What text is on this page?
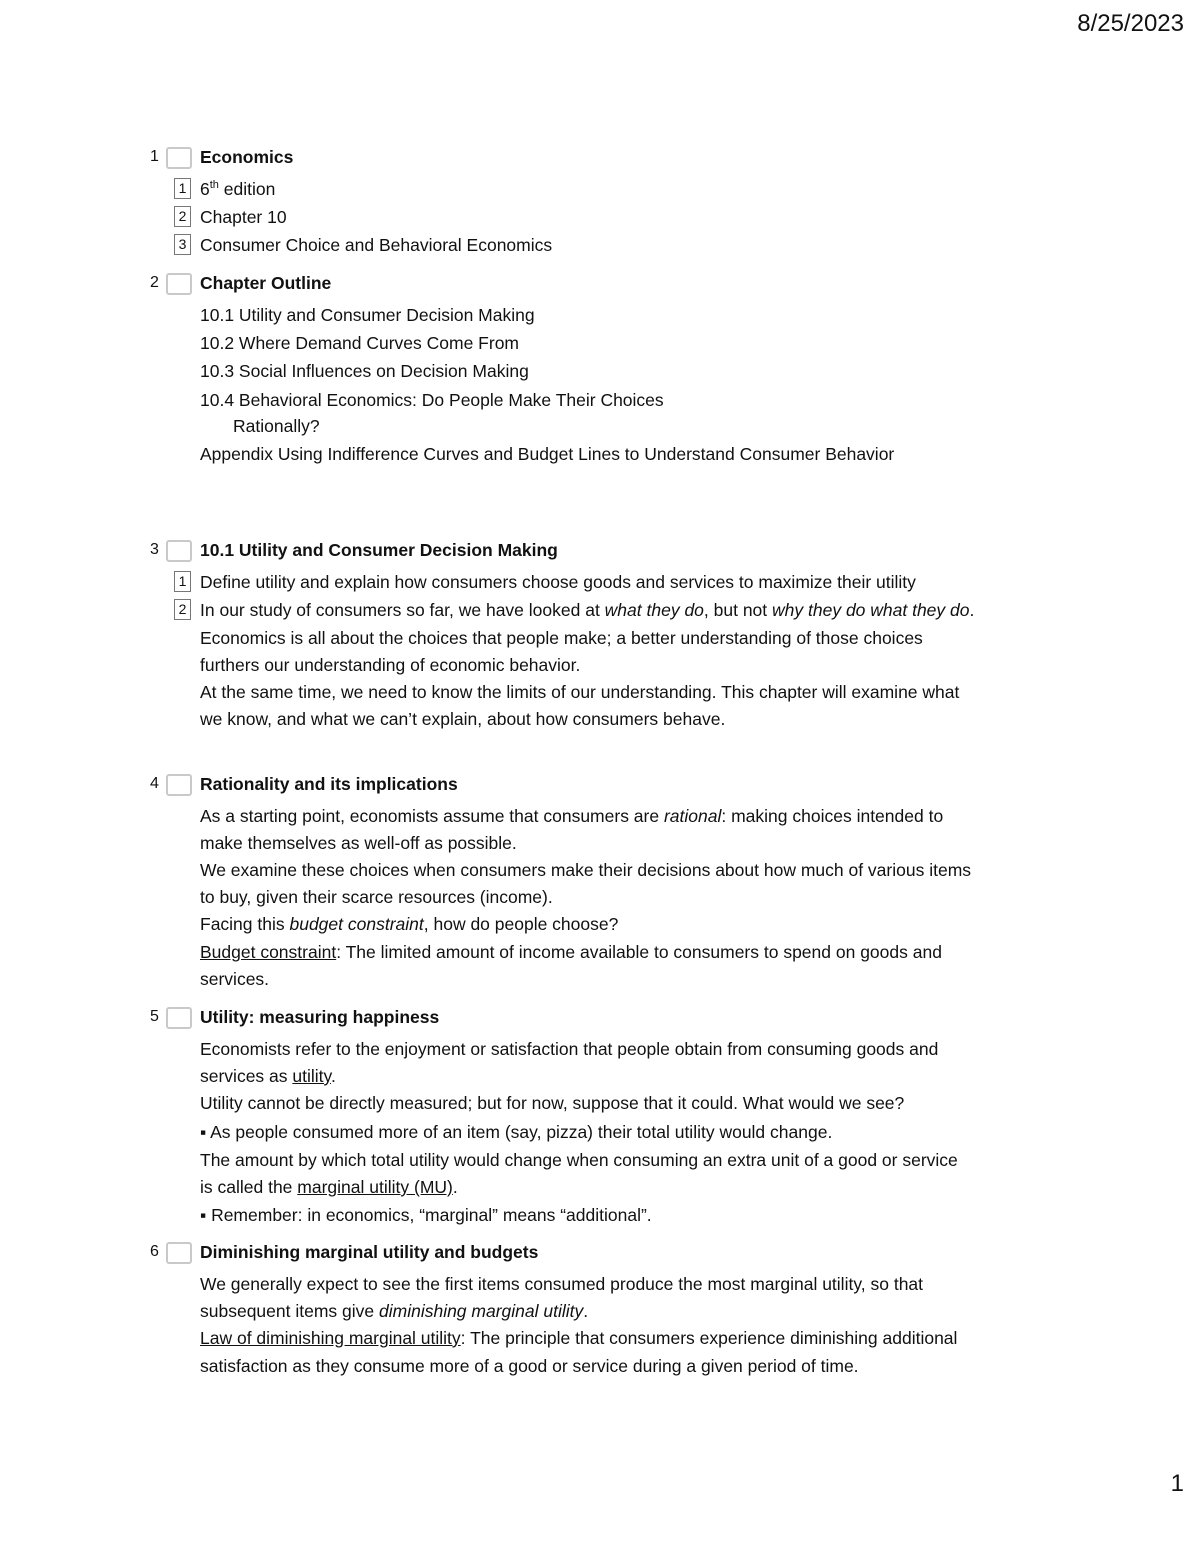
8/25/2023
1 Economics
1 6th edition
2 Chapter 10
3 Consumer Choice and Behavioral Economics
2 Chapter Outline
10.1 Utility and Consumer Decision Making
10.2 Where Demand Curves Come From
10.3 Social Influences on Decision Making
10.4 Behavioral Economics: Do People Make Their Choices
Rationally?
Appendix Using Indifference Curves and Budget Lines to Understand Consumer Behavior
3 10.1 Utility and Consumer Decision Making
1 Define utility and explain how consumers choose goods and services to maximize their utility
2 In our study of consumers so far, we have looked at what they do, but not why they do what they do.
Economics is all about the choices that people make; a better understanding of those choices
furthers our understanding of economic behavior.
At the same time, we need to know the limits of our understanding. This chapter will examine what
we know, and what we can’t explain, about how consumers behave.
4 Rationality and its implications
As a starting point, economists assume that consumers are rational: making choices intended to
make themselves as well-off as possible.
We examine these choices when consumers make their decisions about how much of various items
to buy, given their scarce resources (income).
Facing this budget constraint, how do people choose?
Budget constraint: The limited amount of income available to consumers to spend on goods and
services.
5 Utility: measuring happiness
Economists refer to the enjoyment or satisfaction that people obtain from consuming goods and
services as utility.
Utility cannot be directly measured; but for now, suppose that it could. What would we see?
▪ As people consumed more of an item (say, pizza) their total utility would change.
The amount by which total utility would change when consuming an extra unit of a good or service
is called the marginal utility (MU).
▪ Remember: in economics, “marginal” means “additional”.
6 Diminishing marginal utility and budgets
We generally expect to see the first items consumed produce the most marginal utility, so that
subsequent items give diminishing marginal utility.
Law of diminishing marginal utility: The principle that consumers experience diminishing additional
satisfaction as they consume more of a good or service during a given period of time.
1
